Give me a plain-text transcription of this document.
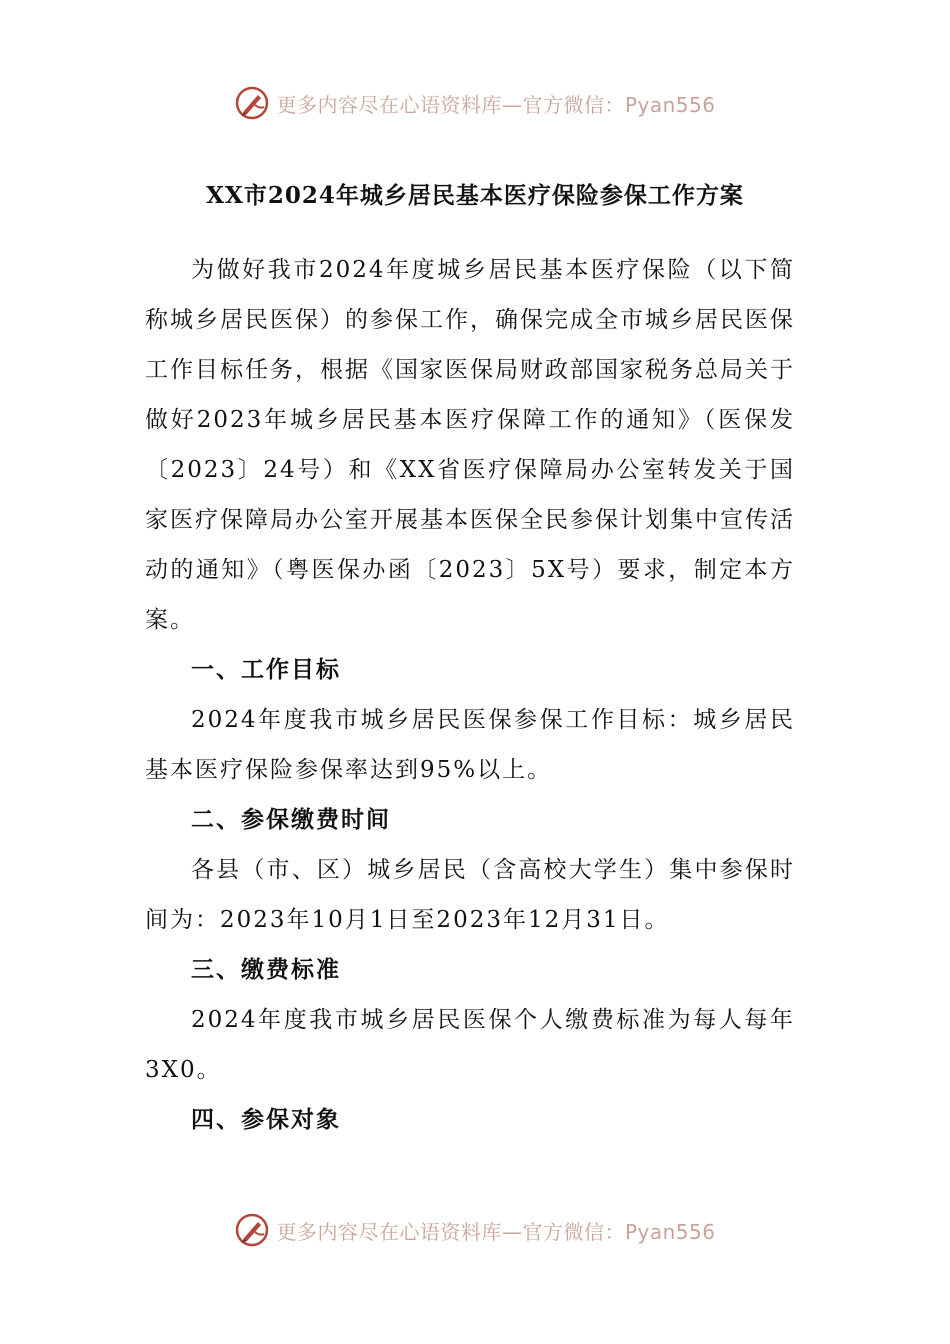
更多内容尽在心语资料库—官方微信：Pyan556
XX市2024年城乡居民基本医疗保险参保工作方案

为做好我市2024年度城乡居民基本医疗保险（以下简称城乡居民医保）的参保工作，确保完成全市城乡居民医保工作目标任务，根据《国家医保局财政部国家税务总局关于做好2023年城乡居民基本医疗保障工作的通知》（医保发〔2023〕24号）和《XX省医疗保障局办公室转发关于国家医疗保障局办公室开展基本医保全民参保计划集中宣传活动的通知》（粤医保办函〔2023〕5X号）要求，制定本方案。

一、工作目标

2024年度我市城乡居民医保参保工作目标：城乡居民基本医疗保险参保率达到95%以上。

二、参保缴费时间

各县（市、区）城乡居民（含高校大学生）集中参保时间为：2023年10月1日至2023年12月31日。

三、缴费标准

2024年度我市城乡居民医保个人缴费标准为每人每年3X0。

四、参保对象

更多内容尽在心语资料库—官方微信：Pyan556
